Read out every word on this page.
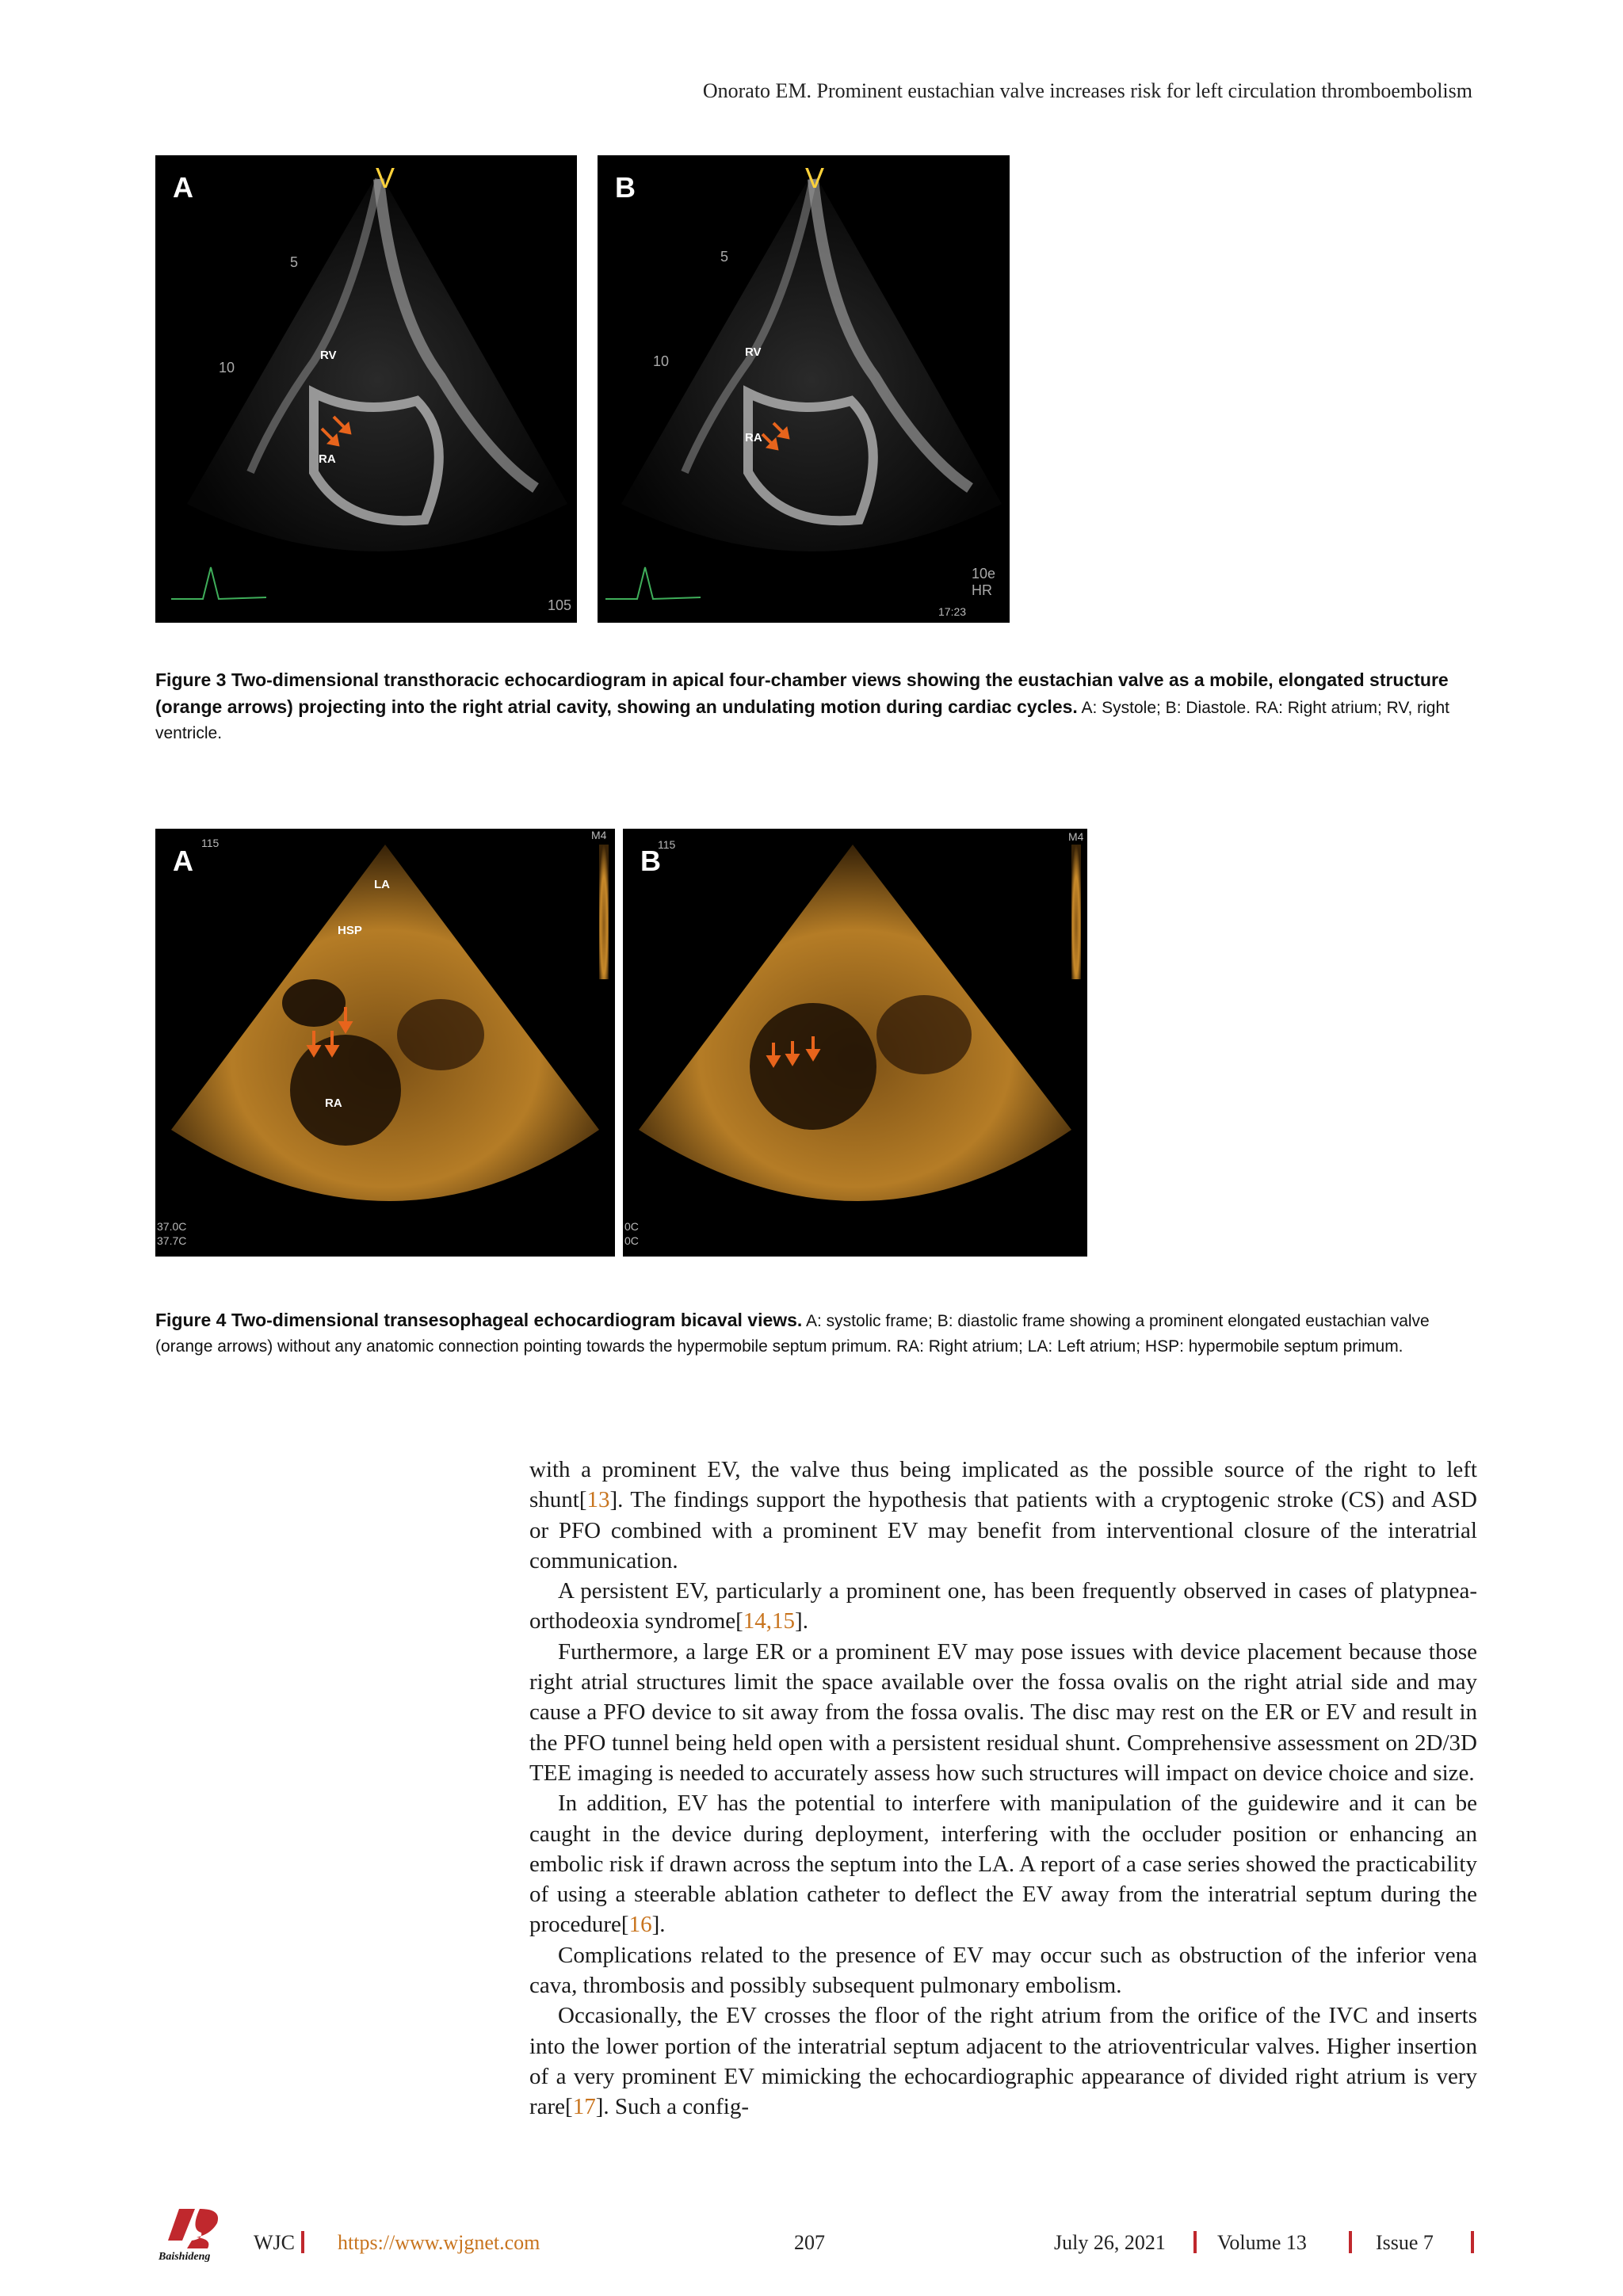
Onorato EM. Prominent eustachian valve increases risk for left circulation thromboembolism
A	V
5
10
105
RV
RA
B	V
5
10
17:23
10e HR
RV
RA
Figure 3 Two-dimensional transthoracic echocardiogram in apical four-chamber views showing the eustachian valve as a mobile, elongated structure (orange arrows) projecting into the right atrial cavity, showing an undulating motion during cardiac cycles. A: Systole; B: Diastole. RA: Right atrium; RV, right ventricle.
A
115
M4
LA
HSP
RA
37.0C
37.7C
B
115
M4
0C
0C
Figure 4 Two-dimensional transesophageal echocardiogram bicaval views. A: systolic frame; B: diastolic frame showing a prominent elongated eustachian valve (orange arrows) without any anatomic connection pointing towards the hypermobile septum primum. RA: Right atrium; LA: Left atrium; HSP: hypermobile septum primum.

with a prominent EV, the valve thus being implicated as the possible source of the right to left shunt[13]. The findings support the hypothesis that patients with a cryptogenic stroke (CS) and ASD or PFO combined with a prominent EV may benefit from interventional closure of the interatrial communication.

A persistent EV, particularly a prominent one, has been frequently observed in cases of platypnea-orthodeoxia syndrome[14,15].

Furthermore, a large ER or a prominent EV may pose issues with device placement because those right atrial structures limit the space available over the fossa ovalis on the right atrial side and may cause a PFO device to sit away from the fossa ovalis. The disc may rest on the ER or EV and result in the PFO tunnel being held open with a persistent residual shunt. Comprehensive assessment on 2D/3D TEE imaging is needed to accurately assess how such structures will impact on device choice and size.

In addition, EV has the potential to interfere with manipulation of the guidewire and it can be caught in the device during deployment, interfering with the occluder position or enhancing an embolic risk if drawn across the septum into the LA. A report of a case series showed the practicability of using a steerable ablation catheter to deflect the EV away from the interatrial septum during the procedure[16].

Complications related to the presence of EV may occur such as obstruction of the inferior vena cava, thrombosis and possibly subsequent pulmonary embolism.

Occasionally, the EV crosses the floor of the right atrium from the orifice of the IVC and inserts into the lower portion of the interatrial septum adjacent to the atrioventricular valves. Higher insertion of a very prominent EV mimicking the echocardiographic appearance of divided right atrium is very rare[17]. Such a config-

Baishideng
WJC https://www.wjgnet.com	207	July 26, 2021	Volume 13	Issue 7
